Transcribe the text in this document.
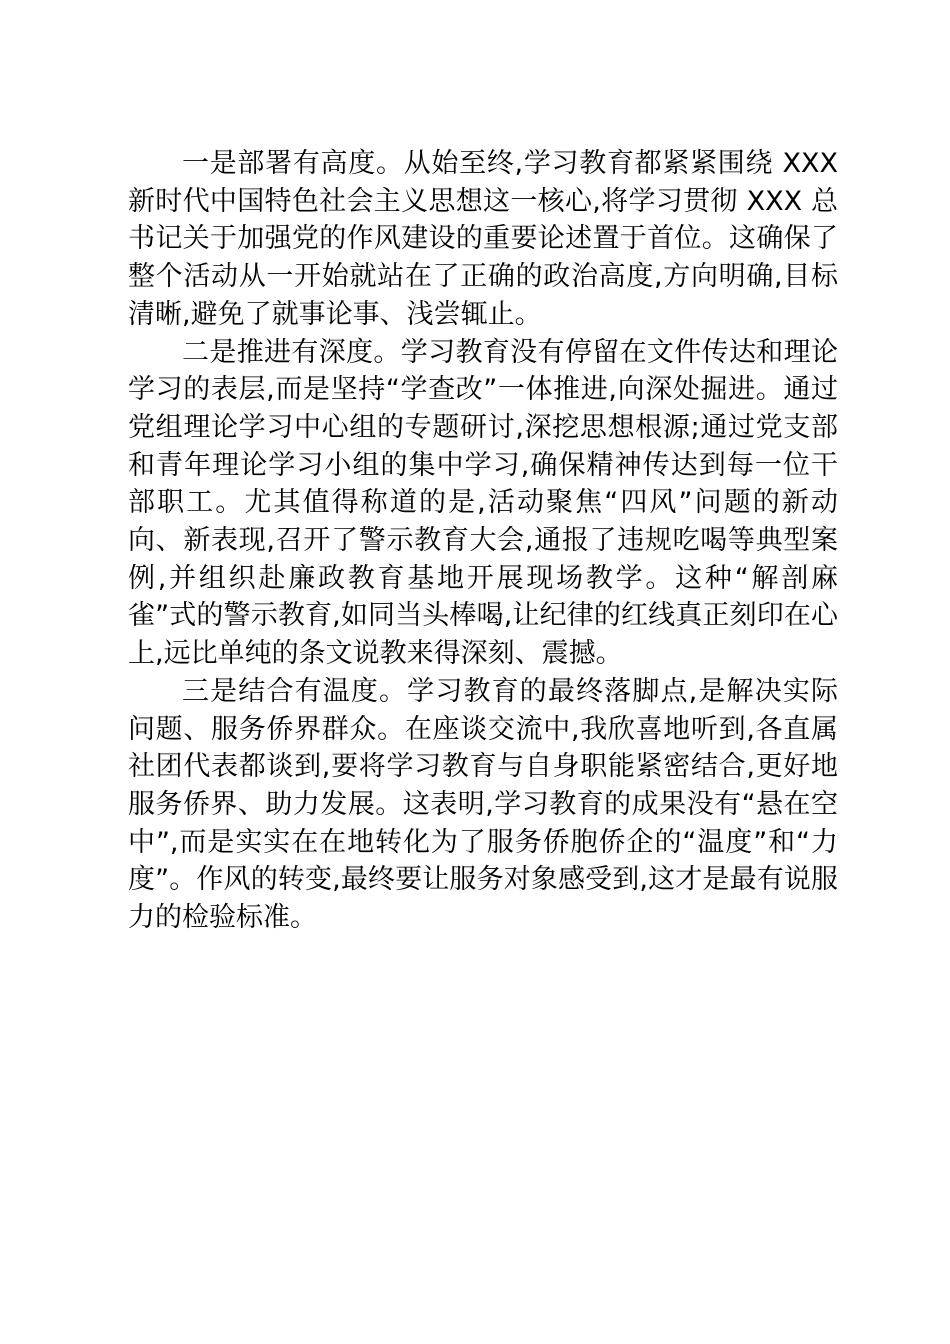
一是部署有高度。从始至终,学习教育都紧紧围绕 XXX 新时代中国特色社会主义思想这一核心,将学习贯彻 XXX 总书记关于加强党的作风建设的重要论述置于首位。这确保了整个活动从一开始就站在了正确的政治高度,方向明确,目标清晰,避免了就事论事、浅尝辄止。

二是推进有深度。学习教育没有停留在文件传达和理论学习的表层,而是坚持“学查改”一体推进,向深处掘进。通过党组理论学习中心组的专题研讨,深挖思想根源;通过党支部和青年理论学习小组的集中学习,确保精神传达到每一位干部职工。尤其值得称道的是,活动聚焦“四风”问题的新动向、新表现,召开了警示教育大会,通报了违规吃喝等典型案例,并组织赴廉政教育基地开展现场教学。这种“解剖麻雀”式的警示教育,如同当头棒喝,让纪律的红线真正刻印在心上,远比单纯的条文说教来得深刻、震撼。

三是结合有温度。学习教育的最终落脚点,是解决实际问题、服务侨界群众。在座谈交流中,我欣喜地听到,各直属社团代表都谈到,要将学习教育与自身职能紧密结合,更好地服务侨界、助力发展。这表明,学习教育的成果没有“悬在空中”,而是实实在在地转化为了服务侨胞侨企的“温度”和“力度”。作风的转变,最终要让服务对象感受到,这才是最有说服力的检验标准。
